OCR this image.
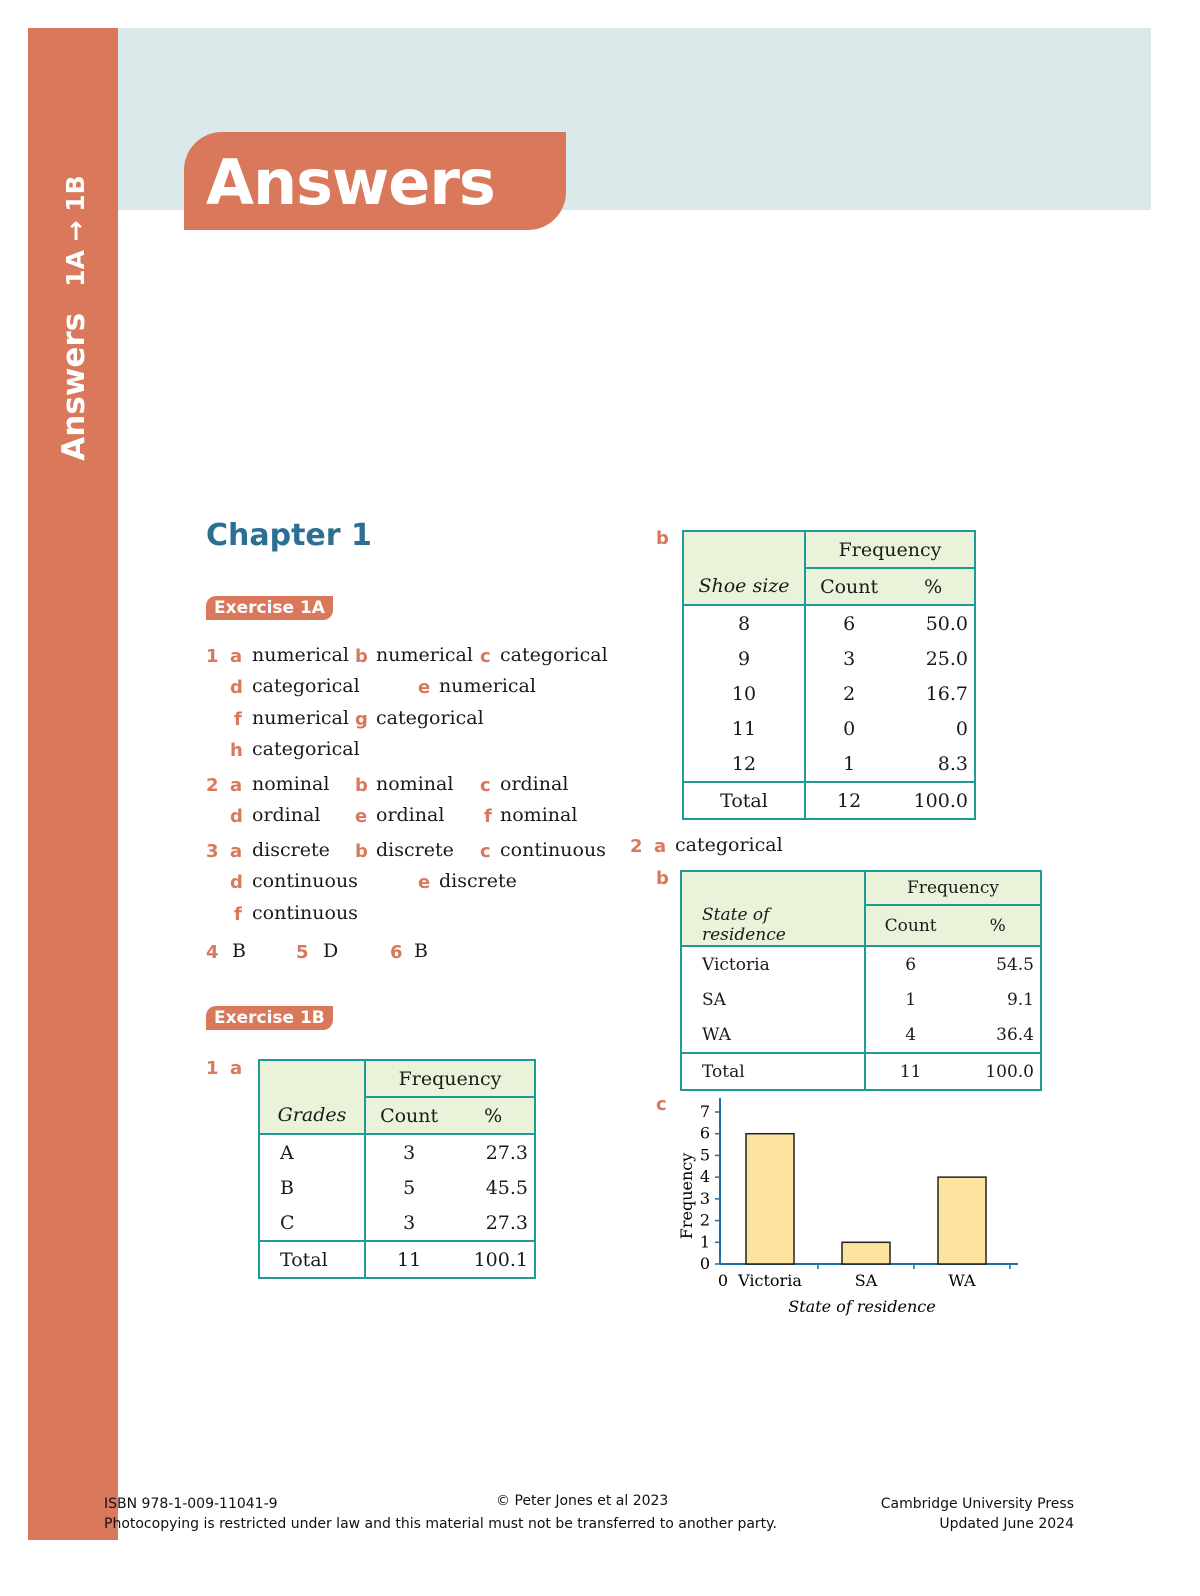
Answers1A → 1B Answers
Chapter 1
Exercise 1A
1 a numerical b numerical c categorical
d categorical	e numerical
f numerical g categorical
h categorical
2 a nominal b nominal c ordinal
d ordinal e ordinal f nominal
3 a discrete b discrete c continuous
d continuous	e discrete
f continuous
4 B	5 D	6 B
Exercise 1B
1 a
		Frequency	
Grades	Count	%
A	3	27.3
B	5	45.5
C	3	27.3
Total	11	100.1
b
		Frequency	
Shoe size	Count	%
8	6	50.0
9	3	25.0
10	2	16.7
11	0	0
12	1	8.3
Total	12	100.0
2 a categorical
b
		Frequency	
State of residence	Count	%
Victoria	6	54.5
SA	1	9.1
WA	4	36.4
Total	11	100.0
c
1
2
3
4
5
6
7
0
0 Victoria	SA	WA
State of residence
Frequency
ISBN 978-1-009-11041-9	© Peter Jones et al 2023	Cambridge University Press
Photocopying is restricted under law and this material must not be transferred to another party.	Updated June 2024
